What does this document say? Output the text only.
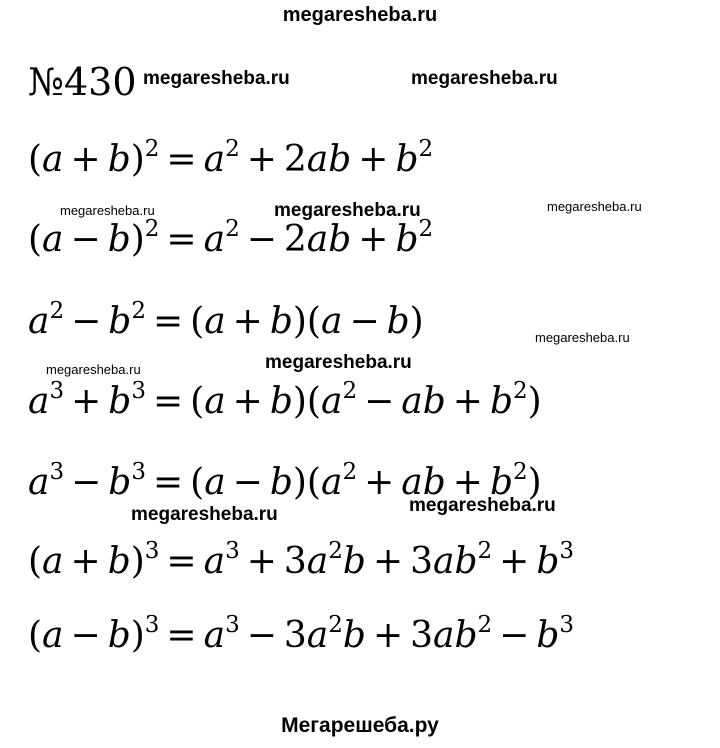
megaresheba.ru
№430 megaresheba.ru	megaresheba.ru
megaresheba.ru	megaresheba.ru	megaresheba.ru
megaresheba.ru
megaresheba.ru	megaresheba.ru
megaresheba.ru	megaresheba.ru
$(a + b)^2 = a^2 + 2ab + b^2$
$(a - b)^2 = a^2 - 2ab + b^2$
$a^2 - b^2 = (a + b)(a - b)$
$a^3 + b^3 = (a + b)(a^2$ − ab + $b^2$)
$a^3 - b^3 = (a - b)(a^2$ + ab + $b^2$)
$(a + b)^3 = a^3 + 3a^2b + 3ab^2 + b^3$
$(a - b)^3 = a^3 - 3a^2b + 3ab^2 - b^3$
Мегарешеба.ру
